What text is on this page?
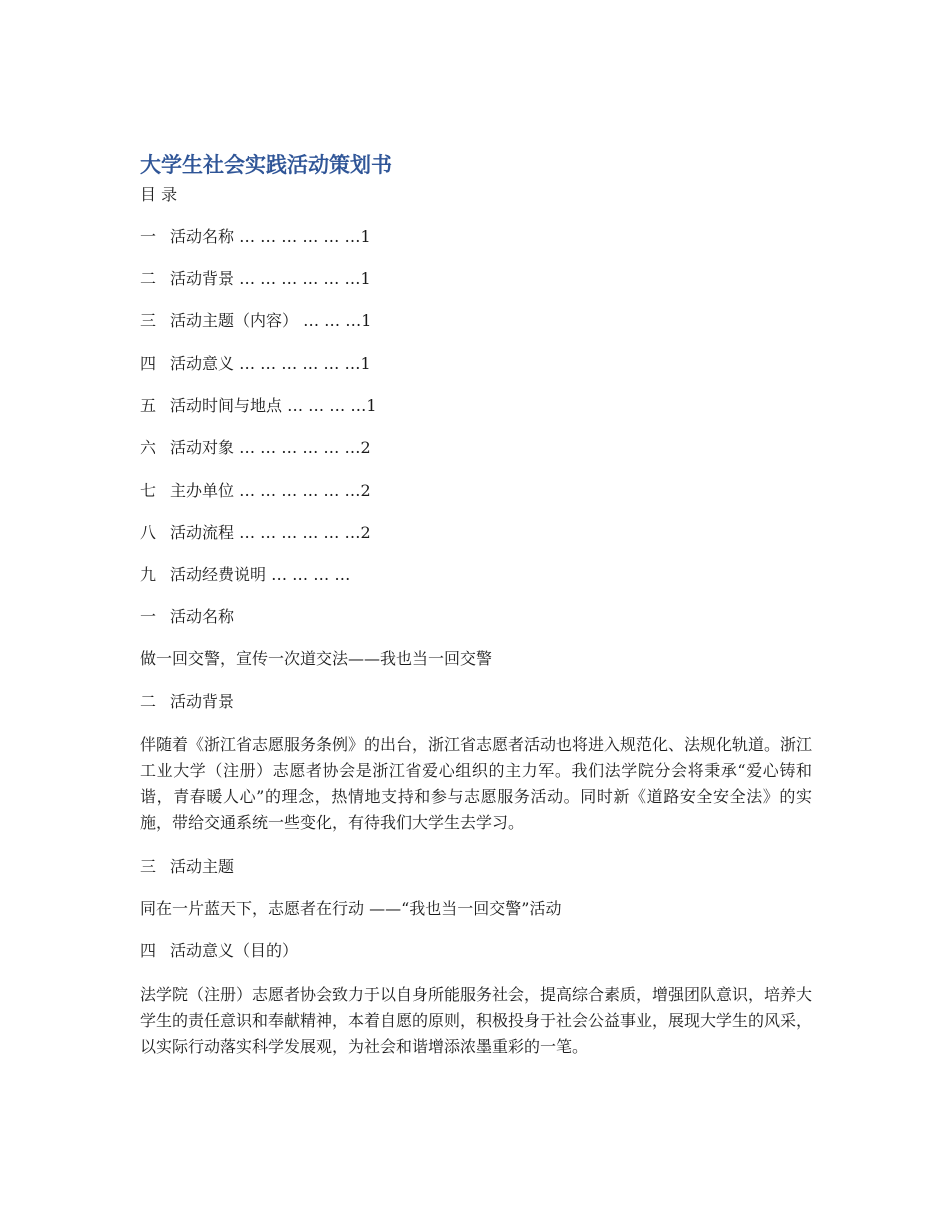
大学生社会实践活动策划书

目 录

一 活动名称 … … … … … …1

二 活动背景 … … … … … …1

三 活动主题（内容） … … …1

四 活动意义 … … … … … …1

五 活动时间与地点 … … … …1

六 活动对象 … … … … … …2

七 主办单位 … … … … … …2

八 活动流程 … … … … … …2

九 活动经费说明 … … … …

一 活动名称

做一回交警，宣传一次道交法——我也当一回交警

二 活动背景

伴随着《浙江省志愿服务条例》的出台，浙江省志愿者活动也将进入规范化、法规化轨道。浙江工业大学（注册）志愿者协会是浙江省爱心组织的主力军。我们法学院分会将秉承“爱心铸和谐，青春暖人心”的理念，热情地支持和参与志愿服务活动。同时新《道路安全安全法》的实施，带给交通系统一些变化，有待我们大学生去学习。

三 活动主题

同在一片蓝天下，志愿者在行动 ——“我也当一回交警”活动

四 活动意义（目的）

法学院（注册）志愿者协会致力于以自身所能服务社会，提高综合素质，增强团队意识，培养大学生的责任意识和奉献精神，本着自愿的原则，积极投身于社会公益事业，展现大学生的风采，以实际行动落实科学发展观，为社会和谐增添浓墨重彩的一笔。
